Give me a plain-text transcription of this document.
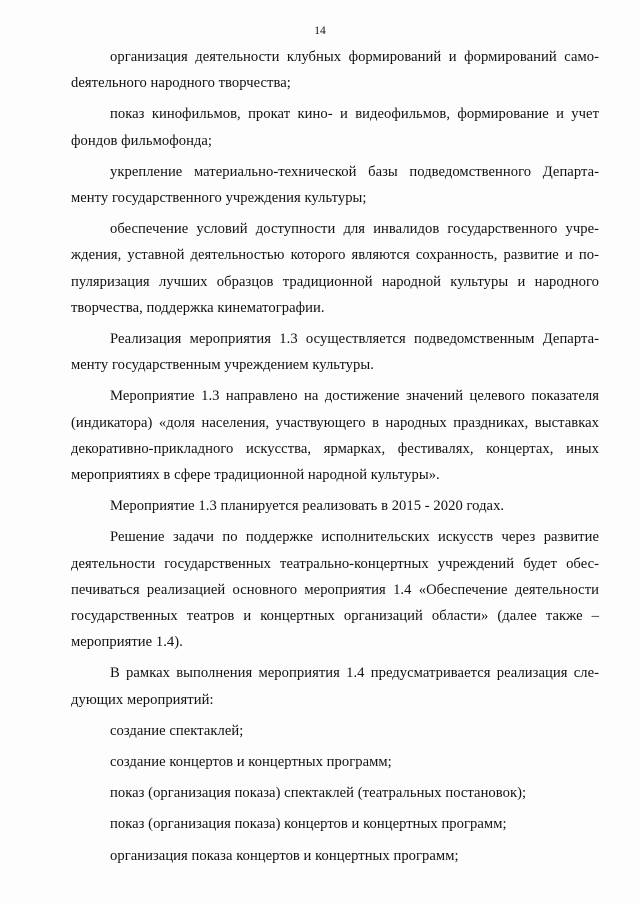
14

организация деятельности клубных формирований и формирований самоdеятельного народного творчества;

показ кинофильмов, прокат кино- и видеофильмов, формирование и учет фондов фильмофонда;

укрепление материально-технической базы подведомственного Департаменту государственного учреждения культуры;

обеспечение условий доступности для инвалидов государственного учреждения, уставной деятельностью которого являются сохранность, развитие и популяризация лучших образцов традиционной народной культуры и народного творчества, поддержка кинематографии.

Реализация мероприятия 1.3 осуществляется подведомственным Департаменту государственным учреждением культуры.

Мероприятие 1.3 направлено на достижение значений целевого показателя (индикатора) «доля населения, участвующего в народных праздниках, выставках декоративно-прикладного искусства, ярмарках, фестивалях, концертах, иных мероприятиях в сфере традиционной народной культуры».

Мероприятие 1.3 планируется реализовать в 2015 - 2020 годах.

Решение задачи по поддержке исполнительских искусств через развитие деятельности государственных театрально-концертных учреждений будет обеспечиваться реализацией основного мероприятия 1.4 «Обеспечение деятельности государственных театров и концертных организаций области» (далее также – мероприятие 1.4).

В рамках выполнения мероприятия 1.4 предусматривается реализация следующих мероприятий:

создание спектаклей;

создание концертов и концертных программ;

показ (организация показа) спектаклей (театральных постановок);

показ (организация показа) концертов и концертных программ;

организация показа концертов и концертных программ;
